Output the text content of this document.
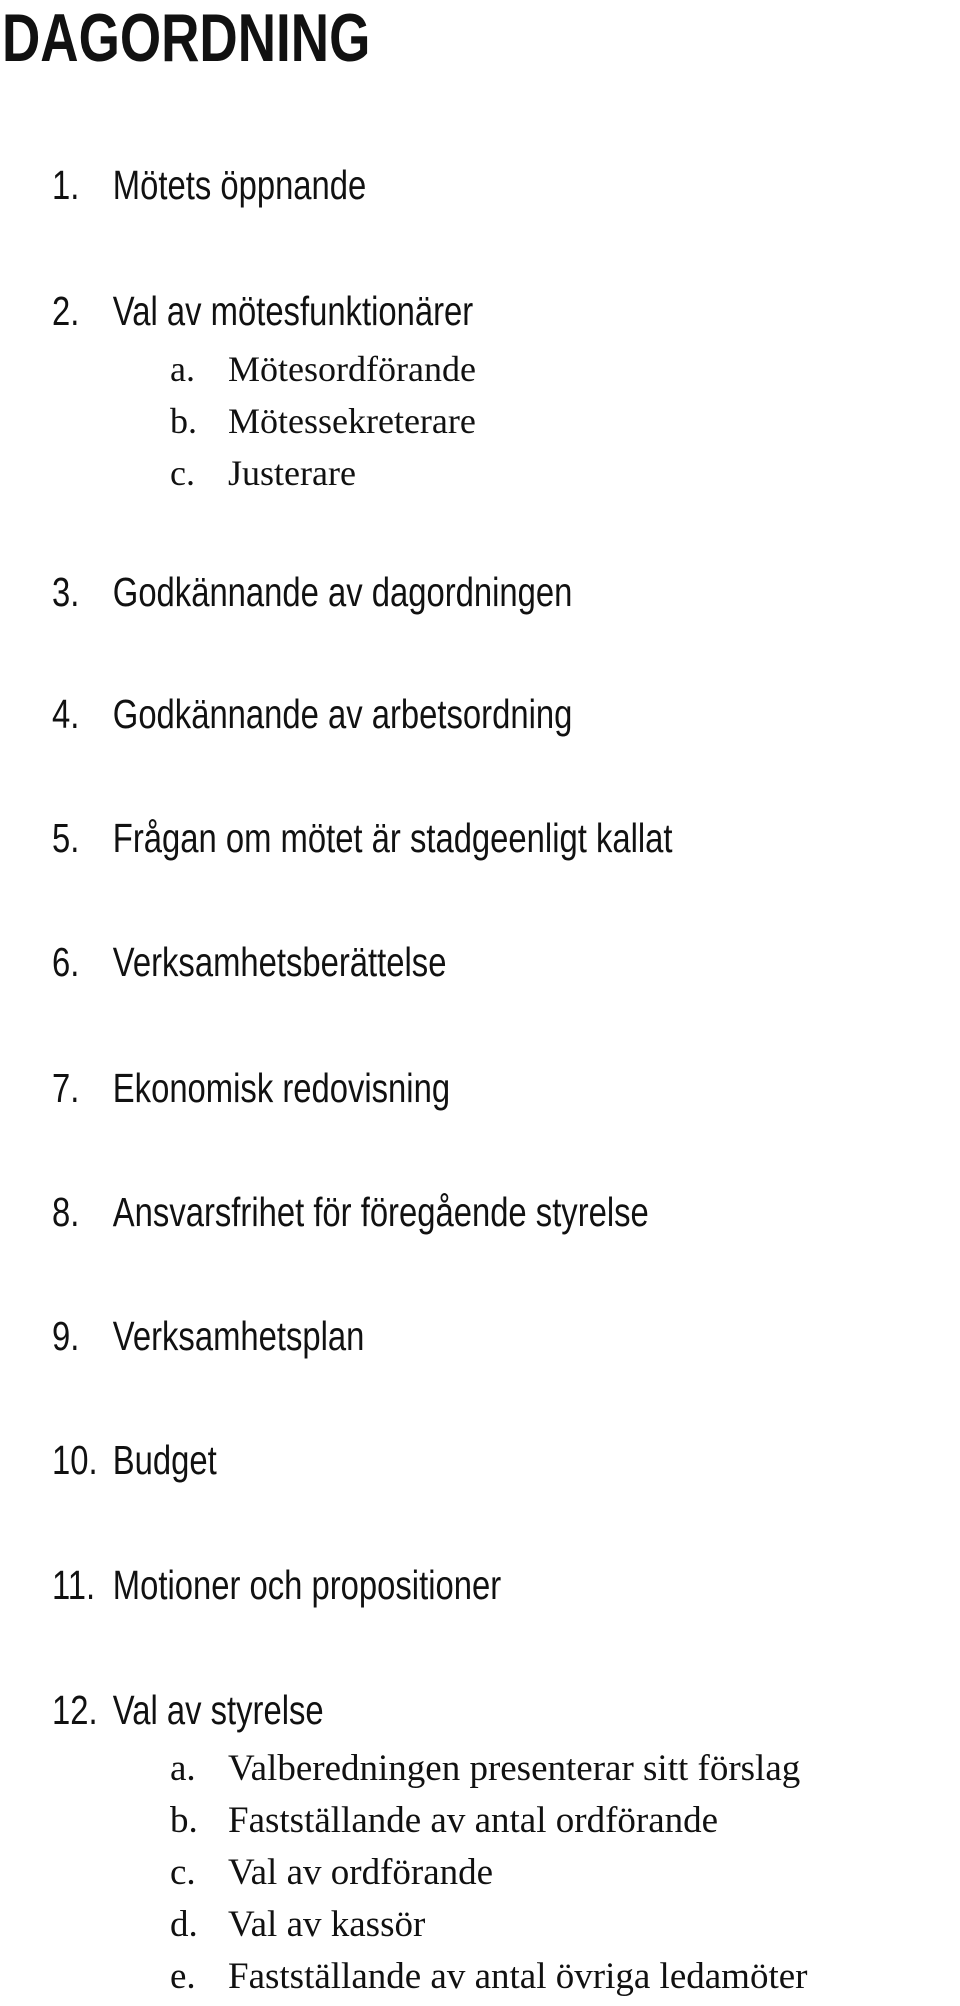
DAGORDNING
1. Mötets öppnande
2. Val av mötesfunktionärer
a. Mötesordförande
b. Mötessekreterare
c. Justerare
3. Godkännande av dagordningen
4. Godkännande av arbetsordning
5. Frågan om mötet är stadgeenligt kallat
6. Verksamhetsberättelse
7. Ekonomisk redovisning
8. Ansvarsfrihet för föregående styrelse
9. Verksamhetsplan
10. Budget
11. Motioner och propositioner
12. Val av styrelse
a. Valberedningen presenterar sitt förslag
b. Fastställande av antal ordförande
c. Val av ordförande
d. Val av kassör
e. Fastställande av antal övriga ledamöter
